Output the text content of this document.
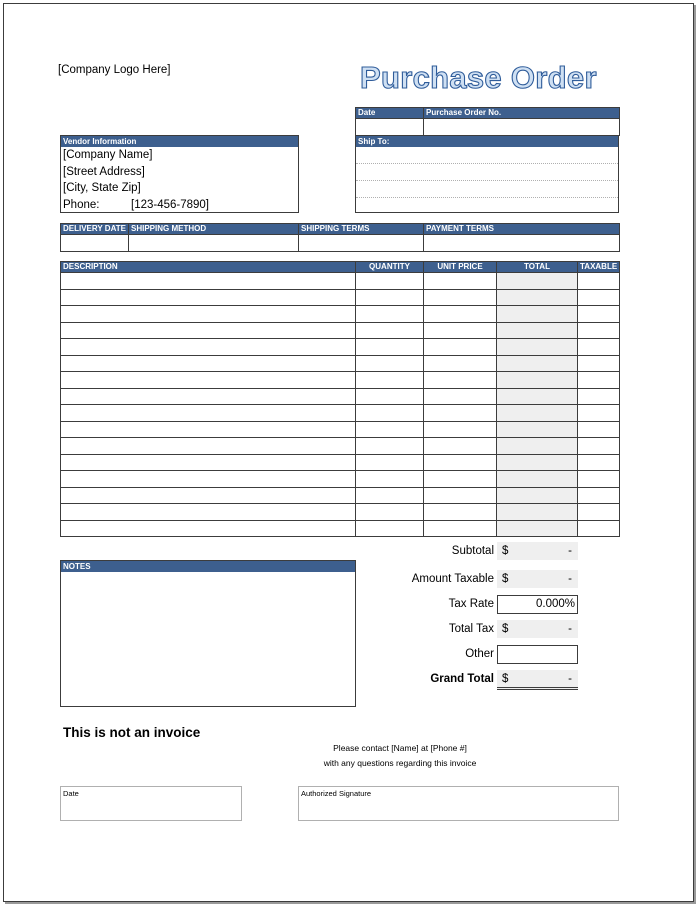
[Company Logo Here]	Purchase Order
Date	Purchase Order No.

Ship To:
Vendor Information
[Company Name]
[Street Address]
[City, State Zip]
Phone:	[123-456-7890]
DELIVERY DATE	SHIPPING METHOD	SHIPPING TERMS	PAYMENT TERMS

DESCRIPTION	QUANTITY	UNIT PRICE	TOTAL	TAXABLE

NOTES
Subtotal $	-
Amount Taxable $	-
Tax Rate	0.000%
Total Tax $	-
Other
Grand Total $	-
This is not an invoice
Please contact [Name] at [Phone #]
with any questions regarding this invoice
Date	Authorized Signature
